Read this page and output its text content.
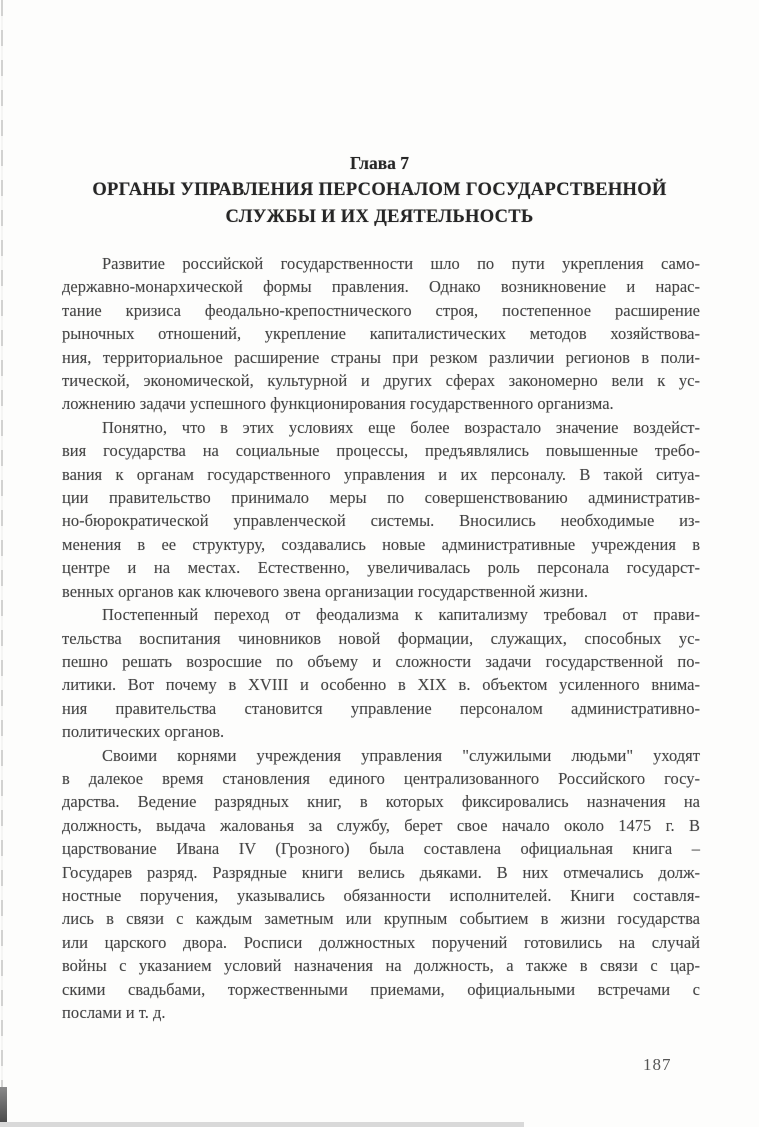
Глава 7
ОРГАНЫ УПРАВЛЕНИЯ ПЕРСОНАЛОМ ГОСУДАРСТВЕННОЙ
СЛУЖБЫ И ИХ ДЕЯТЕЛЬНОСТЬ
Развитие российской государственности шло по пути укрепления само-
державно-монархической формы правления. Однако возникновение и нарас-
тание кризиса феодально-крепостнического строя, постепенное расширение
рыночных отношений, укрепление капиталистических методов хозяйствова-
ния, территориальное расширение страны при резком различии регионов в поли-
тической, экономической, культурной и других сферах закономерно вели к ус-
ложнению задачи успешного функционирования государственного организма.
Понятно, что в этих условиях еще более возрастало значение воздейст-
вия государства на социальные процессы, предъявлялись повышенные требо-
вания к органам государственного управления и их персоналу. В такой ситуа-
ции правительство принимало меры по совершенствованию административ-
но-бюрократической управленческой системы. Вносились необходимые из-
менения в ее структуру, создавались новые административные учреждения в
центре и на местах. Естественно, увеличивалась роль персонала государст-
венных органов как ключевого звена организации государственной жизни.
Постепенный переход от феодализма к капитализму требовал от прави-
тельства воспитания чиновников новой формации, служащих, способных ус-
пешно решать возросшие по объему и сложности задачи государственной по-
литики. Вот почему в XVIII и особенно в XIX в. объектом усиленного внима-
ния правительства становится управление персоналом административно-
политических органов.
Своими корнями учреждения управления "служилыми людьми" уходят
в далекое время становления единого централизованного Российского госу-
дарства. Ведение разрядных книг, в которых фиксировались назначения на
должность, выдача жалованья за службу, берет свое начало около 1475 г. В
царствование Ивана IV (Грозного) была составлена официальная книга –
Государев разряд. Разрядные книги велись дьяками. В них отмечались долж-
ностные поручения, указывались обязанности исполнителей. Книги составля-
лись в связи с каждым заметным или крупным событием в жизни государства
или царского двора. Росписи должностных поручений готовились на случай
войны с указанием условий назначения на должность, а также в связи с цар-
скими свадьбами, торжественными приемами, официальными встречами с
послами и т. д.
187
